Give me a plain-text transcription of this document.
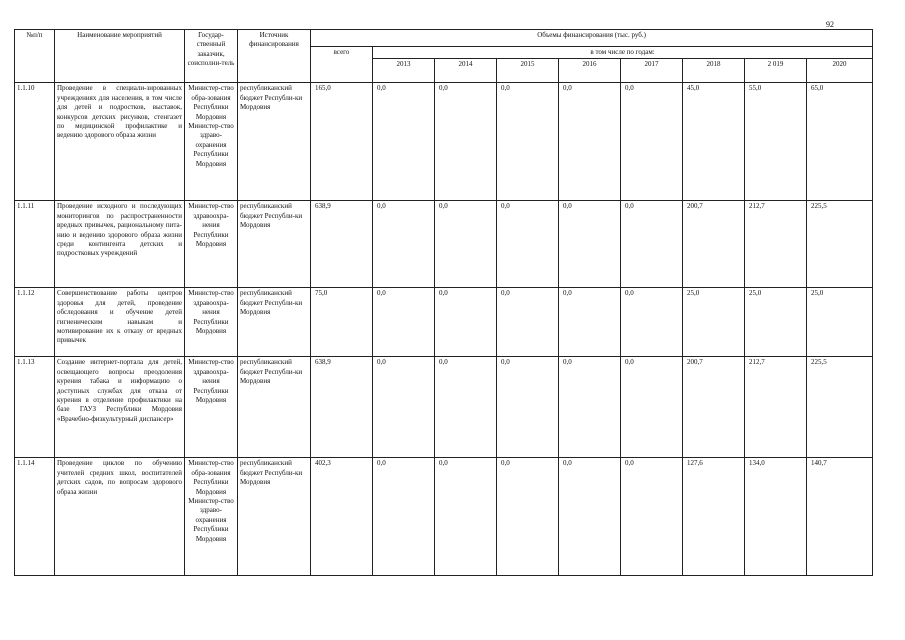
92
№п/п	Наименование мероприятий	Государ-ственный заказчик, соисполни-тель	Источник финансирования	Объемы финансирования (тыс. руб.)								
				всего	в том числе по годам:							
					2013	2014	2015	2016	2017	2018	2 019	2020
1.1.10	Проведение в специали-зированных учреждениях для населения, в том числе для детей и подростков, выставок, конкурсов детских рисунков, стенгазет по медицинской профилактике и ведению здорового образа жизни	Министер-ство обра-зования Республики Мордовия Министер-ство здраво-охранения Республики Мордовия	республиканский бюджет Республи-ки Мордовия	165,0	0,0	0,0	0,0	0,0	0,0	45,0	55,0	65,0
1.1.11	Проведение исходного и последующих мониторингов по распространенности вредных привычек, рациональному пита-нию и ведению здорового образа жизни среди контингента детских и подростковых учреждений	Министер-ство здравоохра-нения Республики Мордовия	республиканский бюджет Республи-ки Мордовия	638,9	0,0	0,0	0,0	0,0	0,0	200,7	212,7	225,5
1.1.12	Совершенствование работы центров здоровья для детей, проведение обследования и обучение детей гигиеническим навыкам и мотивирование их к отказу от вредных привычек	Министер-ство здравоохра-нения Республики Мордовия	республиканский бюджет Республи-ки Мордовия	75,0	0,0	0,0	0,0	0,0	0,0	25,0	25,0	25,0
1.1.13	Создание интернет-портала для детей, освещающего вопросы преодоления курения табака и информацию о доступных службах для отказа от курения в отделение профилактики на базе ГАУЗ Республики Мордовия «Врачебно-физкультурный диспансер»	Министер-ство здравоохра-нения Республики Мордовия	республиканский бюджет Республи-ки Мордовия	638,9	0,0	0,0	0,0	0,0	0,0	200,7	212,7	225,5
1.1.14	Проведение циклов по обучению учителей средних школ, воспитателей детских садов, по вопросам здорового образа жизни	Министер-ство обра-зования Республики Мордовия Министер-ство здраво-охранения Республики Мордовия	республиканский бюджет Республи-ки Мордовия	402,3	0,0	0,0	0,0	0,0	0,0	127,6	134,0	140,7
